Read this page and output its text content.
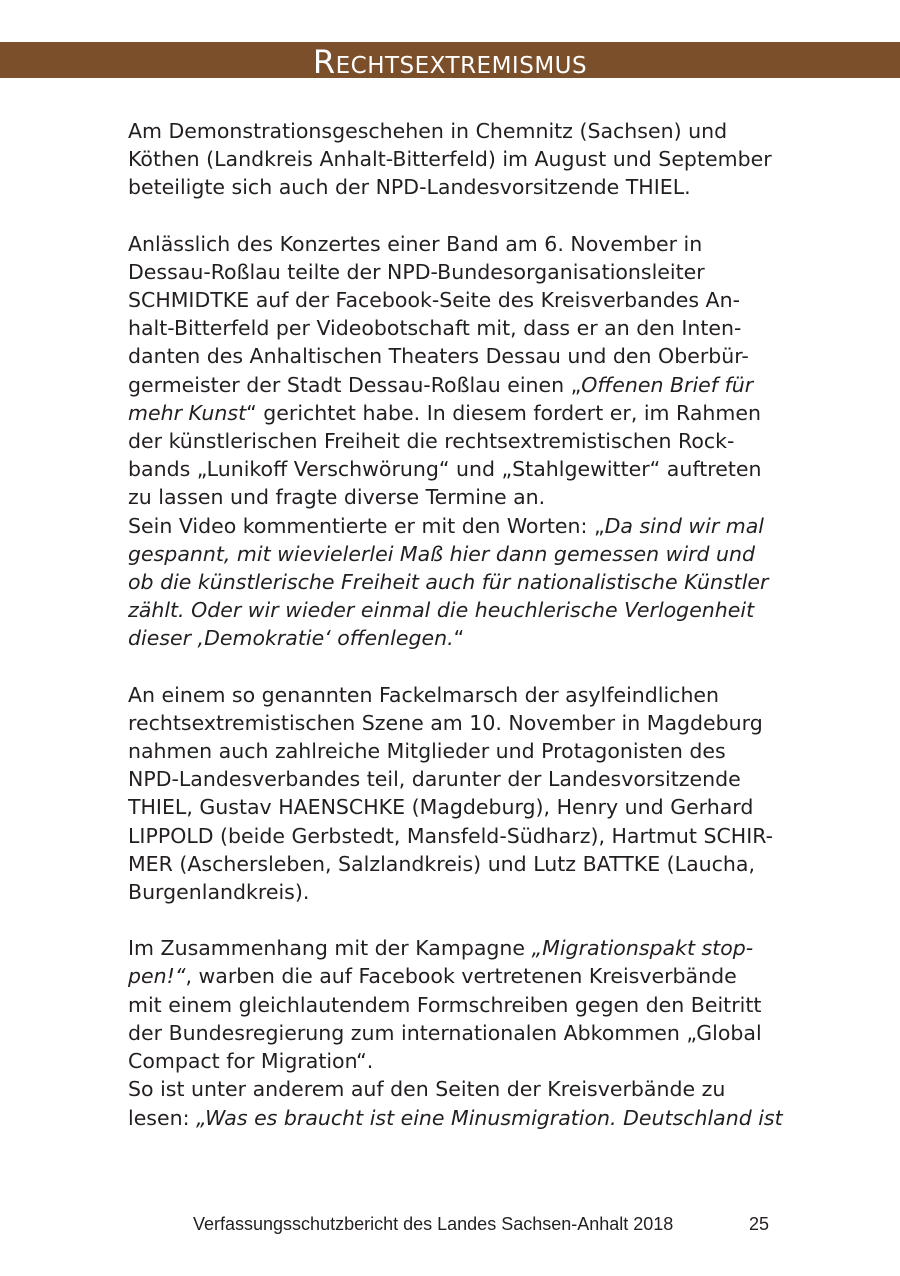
RECHTSEXTREMISMUS
Am Demonstrationsgeschehen in Chemnitz (Sachsen) und
Köthen (Landkreis Anhalt-Bitterfeld) im August und September
beteiligte sich auch der NPD-Landesvorsitzende THIEL.
Anlässlich des Konzertes einer Band am 6. November in
Dessau-Roßlau teilte der NPD-Bundesorganisationsleiter
SCHMIDTKE auf der Facebook-Seite des Kreisverbandes An-
halt-Bitterfeld per Videobotschaft mit, dass er an den Inten-
danten des Anhaltischen Theaters Dessau und den Oberbür-
germeister der Stadt Dessau-Roßlau einen „Offenen Brief für
mehr Kunst“ gerichtet habe. In diesem fordert er, im Rahmen
der künstlerischen Freiheit die rechtsextremistischen Rock-
bands „Lunikoff Verschwörung“ und „Stahlgewitter“ auftreten
zu lassen und fragte diverse Termine an.
Sein Video kommentierte er mit den Worten: „Da sind wir mal
gespannt, mit wievielerlei Maß hier dann gemessen wird und
ob die künstlerische Freiheit auch für nationalistische Künstler
zählt. Oder wir wieder einmal die heuchlerische Verlogenheit
dieser ‚Demokratie‘ offenlegen.“
An einem so genannten Fackelmarsch der asylfeindlichen
rechtsextremistischen Szene am 10. November in Magdeburg
nahmen auch zahlreiche Mitglieder und Protagonisten des
NPD-Landesverbandes teil, darunter der Landesvorsitzende
THIEL, Gustav HAENSCHKE (Magdeburg), Henry und Gerhard
LIPPOLD (beide Gerbstedt, Mansfeld-Südharz), Hartmut SCHIR-
MER (Aschersleben, Salzlandkreis) und Lutz BATTKE (Laucha,
Burgenlandkreis).
Im Zusammenhang mit der Kampagne „Migrationspakt stop-
pen!“, warben die auf Facebook vertretenen Kreisverbände
mit einem gleichlautendem Formschreiben gegen den Beitritt
der Bundesregierung zum internationalen Abkommen „Global
Compact for Migration“.
So ist unter anderem auf den Seiten der Kreisverbände zu
lesen: „Was es braucht ist eine Minusmigration. Deutschland ist
Verfassungsschutzbericht des Landes Sachsen-Anhalt 2018	25
